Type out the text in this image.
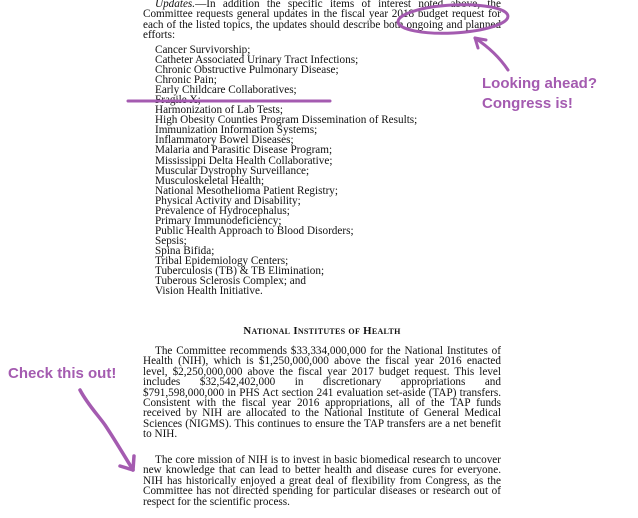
Updates.—In addition the specific items of interest noted above, the Committee requests general updates in the fiscal year 2018 budget request for each of the listed topics, the updates should describe both ongoing and planned efforts:

Cancer Survivorship;
Catheter Associated Urinary Tract Infections;
Chronic Obstructive Pulmonary Disease;
Chronic Pain;
Early Childcare Collaboratives;
Fragile X;
Harmonization of Lab Tests;
High Obesity Counties Program Dissemination of Results;
Immunization Information Systems;
Inflammatory Bowel Diseases;
Malaria and Parasitic Disease Program;
Mississippi Delta Health Collaborative;
Muscular Dystrophy Surveillance;
Musculoskeletal Health;
National Mesothelioma Patient Registry;
Physical Activity and Disability;
Prevalence of Hydrocephalus;
Primary Immunodeficiency;
Public Health Approach to Blood Disorders;
Sepsis;
Spina Bifida;
Tribal Epidemiology Centers;
Tuberculosis (TB) & TB Elimination;
Tuberous Sclerosis Complex; and
Vision Health Initiative.
National Institutes of Health

The Committee recommends $33,334,000,000 for the National Institutes of Health (NIH), which is $1,250,000,000 above the fiscal year 2016 enacted level, $2,250,000,000 above the fiscal year 2017 budget request. This level includes $32,542,402,000 in discretionary appropriations and $791,598,000,000 in PHS Act section 241 evaluation set-aside (TAP) transfers. Consistent with the fiscal year 2016 appropriations, all of the TAP funds received by NIH are allocated to the National Institute of General Medical Sciences (NIGMS). This continues to ensure the TAP transfers are a net benefit to NIH.

The core mission of NIH is to invest in basic biomedical research to uncover new knowledge that can lead to better health and disease cures for everyone. NIH has historically enjoyed a great deal of flexibility from Congress, as the Committee has not directed spending for particular diseases or research out of respect for the scientific process.

Looking ahead? Congress is!

Check this out!
